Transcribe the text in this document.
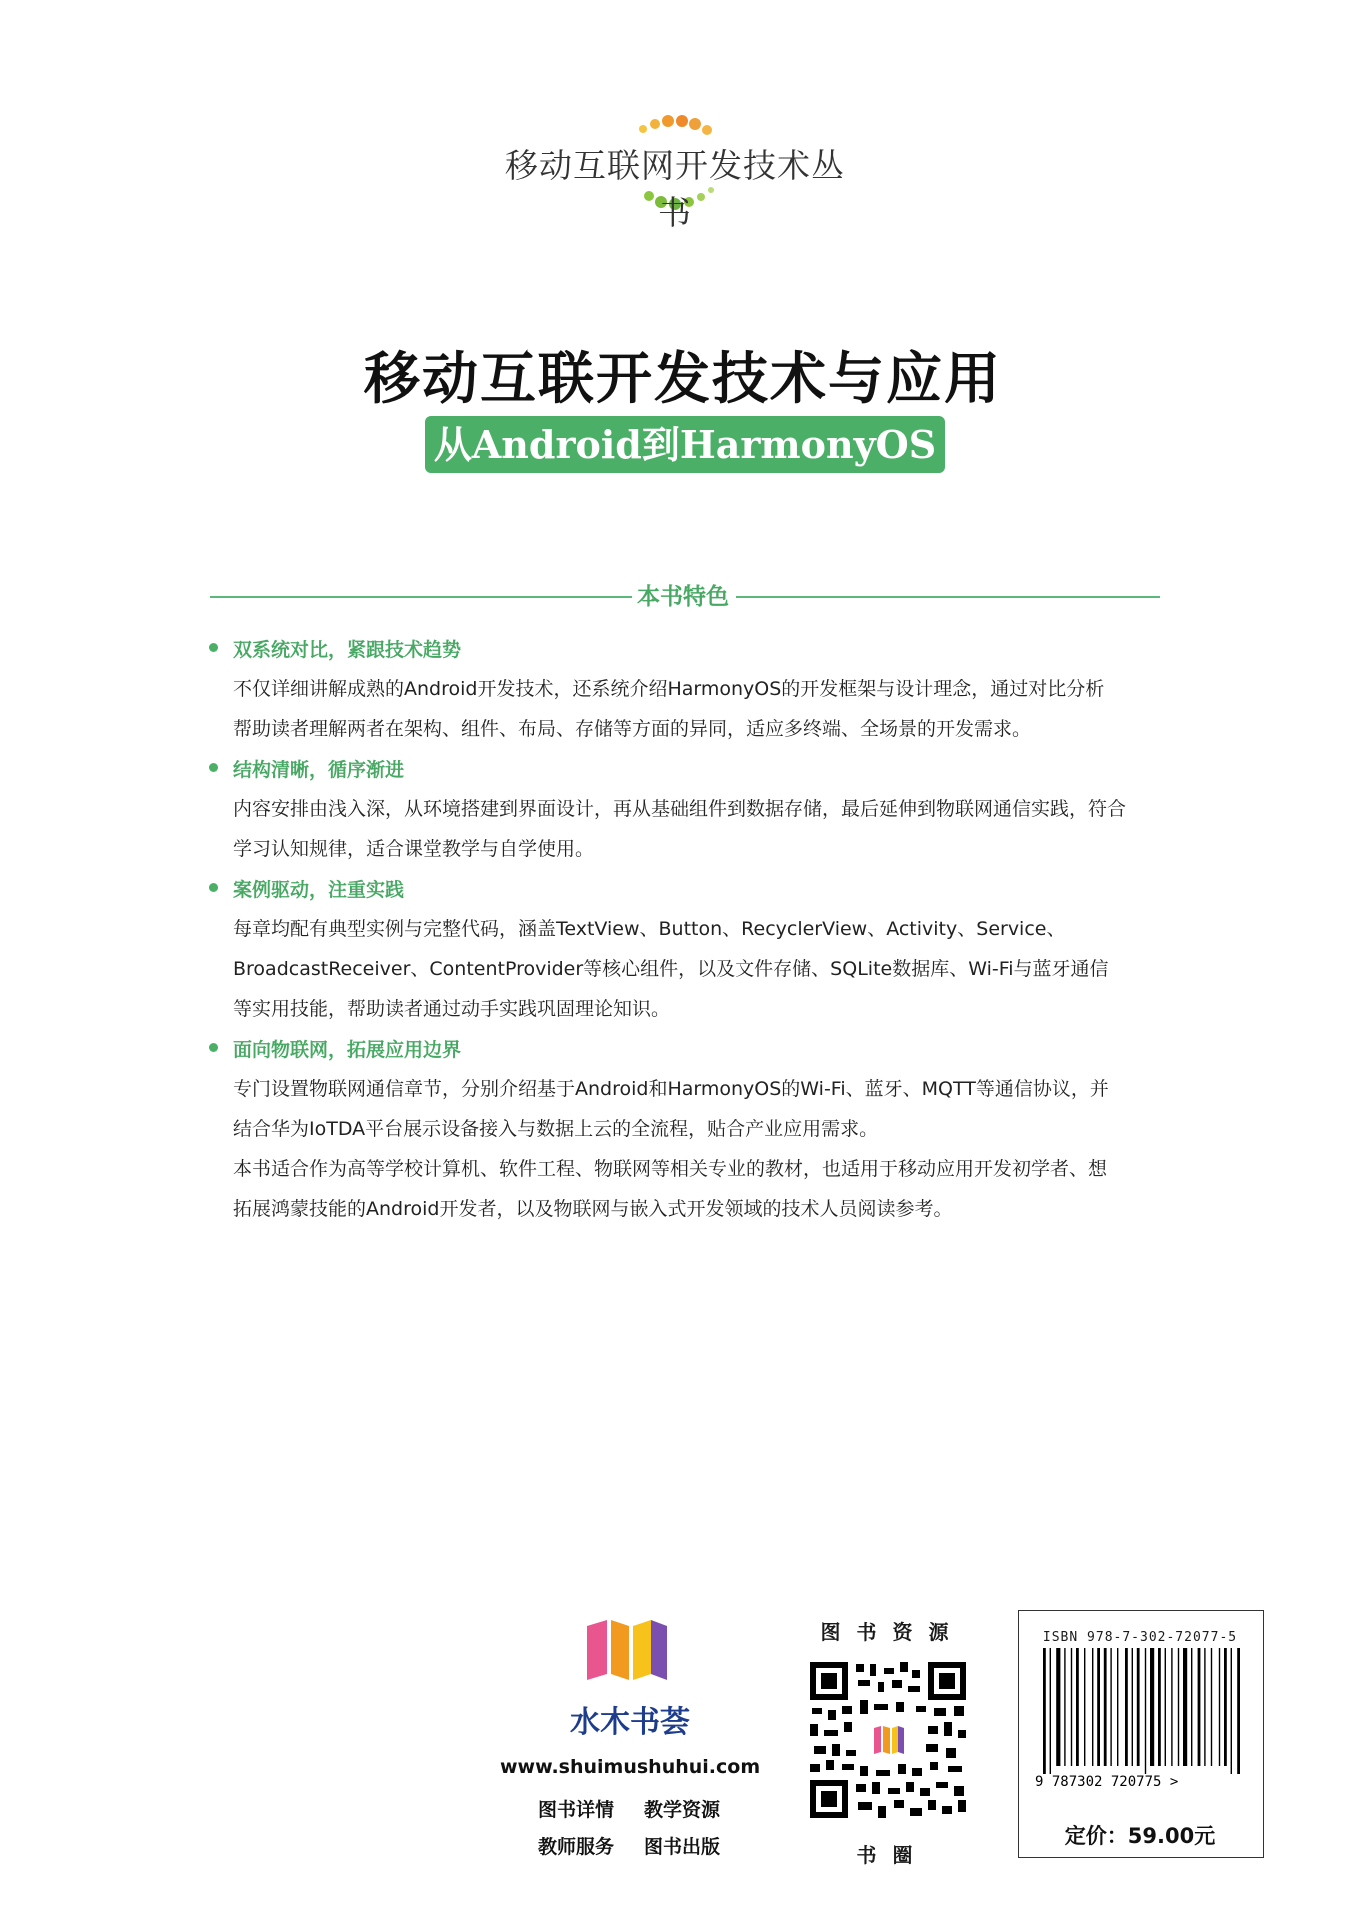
移动互联网开发技术丛书
移动互联开发技术与应用
从Android到HarmonyOS
本书特色
双系统对比，紧跟技术趋势
不仅详细讲解成熟的Android开发技术，还系统介绍HarmonyOS的开发框架与设计理念，通过对比分析
帮助读者理解两者在架构、组件、布局、存储等方面的异同，适应多终端、全场景的开发需求。
结构清晰，循序渐进
内容安排由浅入深，从环境搭建到界面设计，再从基础组件到数据存储，最后延伸到物联网通信实践，符合
学习认知规律，适合课堂教学与自学使用。
案例驱动，注重实践
每章均配有典型实例与完整代码，涵盖TextView、Button、RecyclerView、Activity、Service、
BroadcastReceiver、ContentProvider等核心组件，以及文件存储、SQLite数据库、Wi-Fi与蓝牙通信
等实用技能，帮助读者通过动手实践巩固理论知识。
面向物联网，拓展应用边界
专门设置物联网通信章节，分别介绍基于Android和HarmonyOS的Wi-Fi、蓝牙、MQTT等通信协议，并
结合华为IoTDA平台展示设备接入与数据上云的全流程，贴合产业应用需求。
本书适合作为高等学校计算机、软件工程、物联网等相关专业的教材，也适用于移动应用开发初学者、想
拓展鸿蒙技能的Android开发者，以及物联网与嵌入式开发领域的技术人员阅读参考。
水木书荟
www.shuimushuhui.com
图书详情 教学资源
教师服务 图书出版
图书资源
书圈
ISBN 978-7-302-72077-5
9 787302 720775 >
定价：59.00元
